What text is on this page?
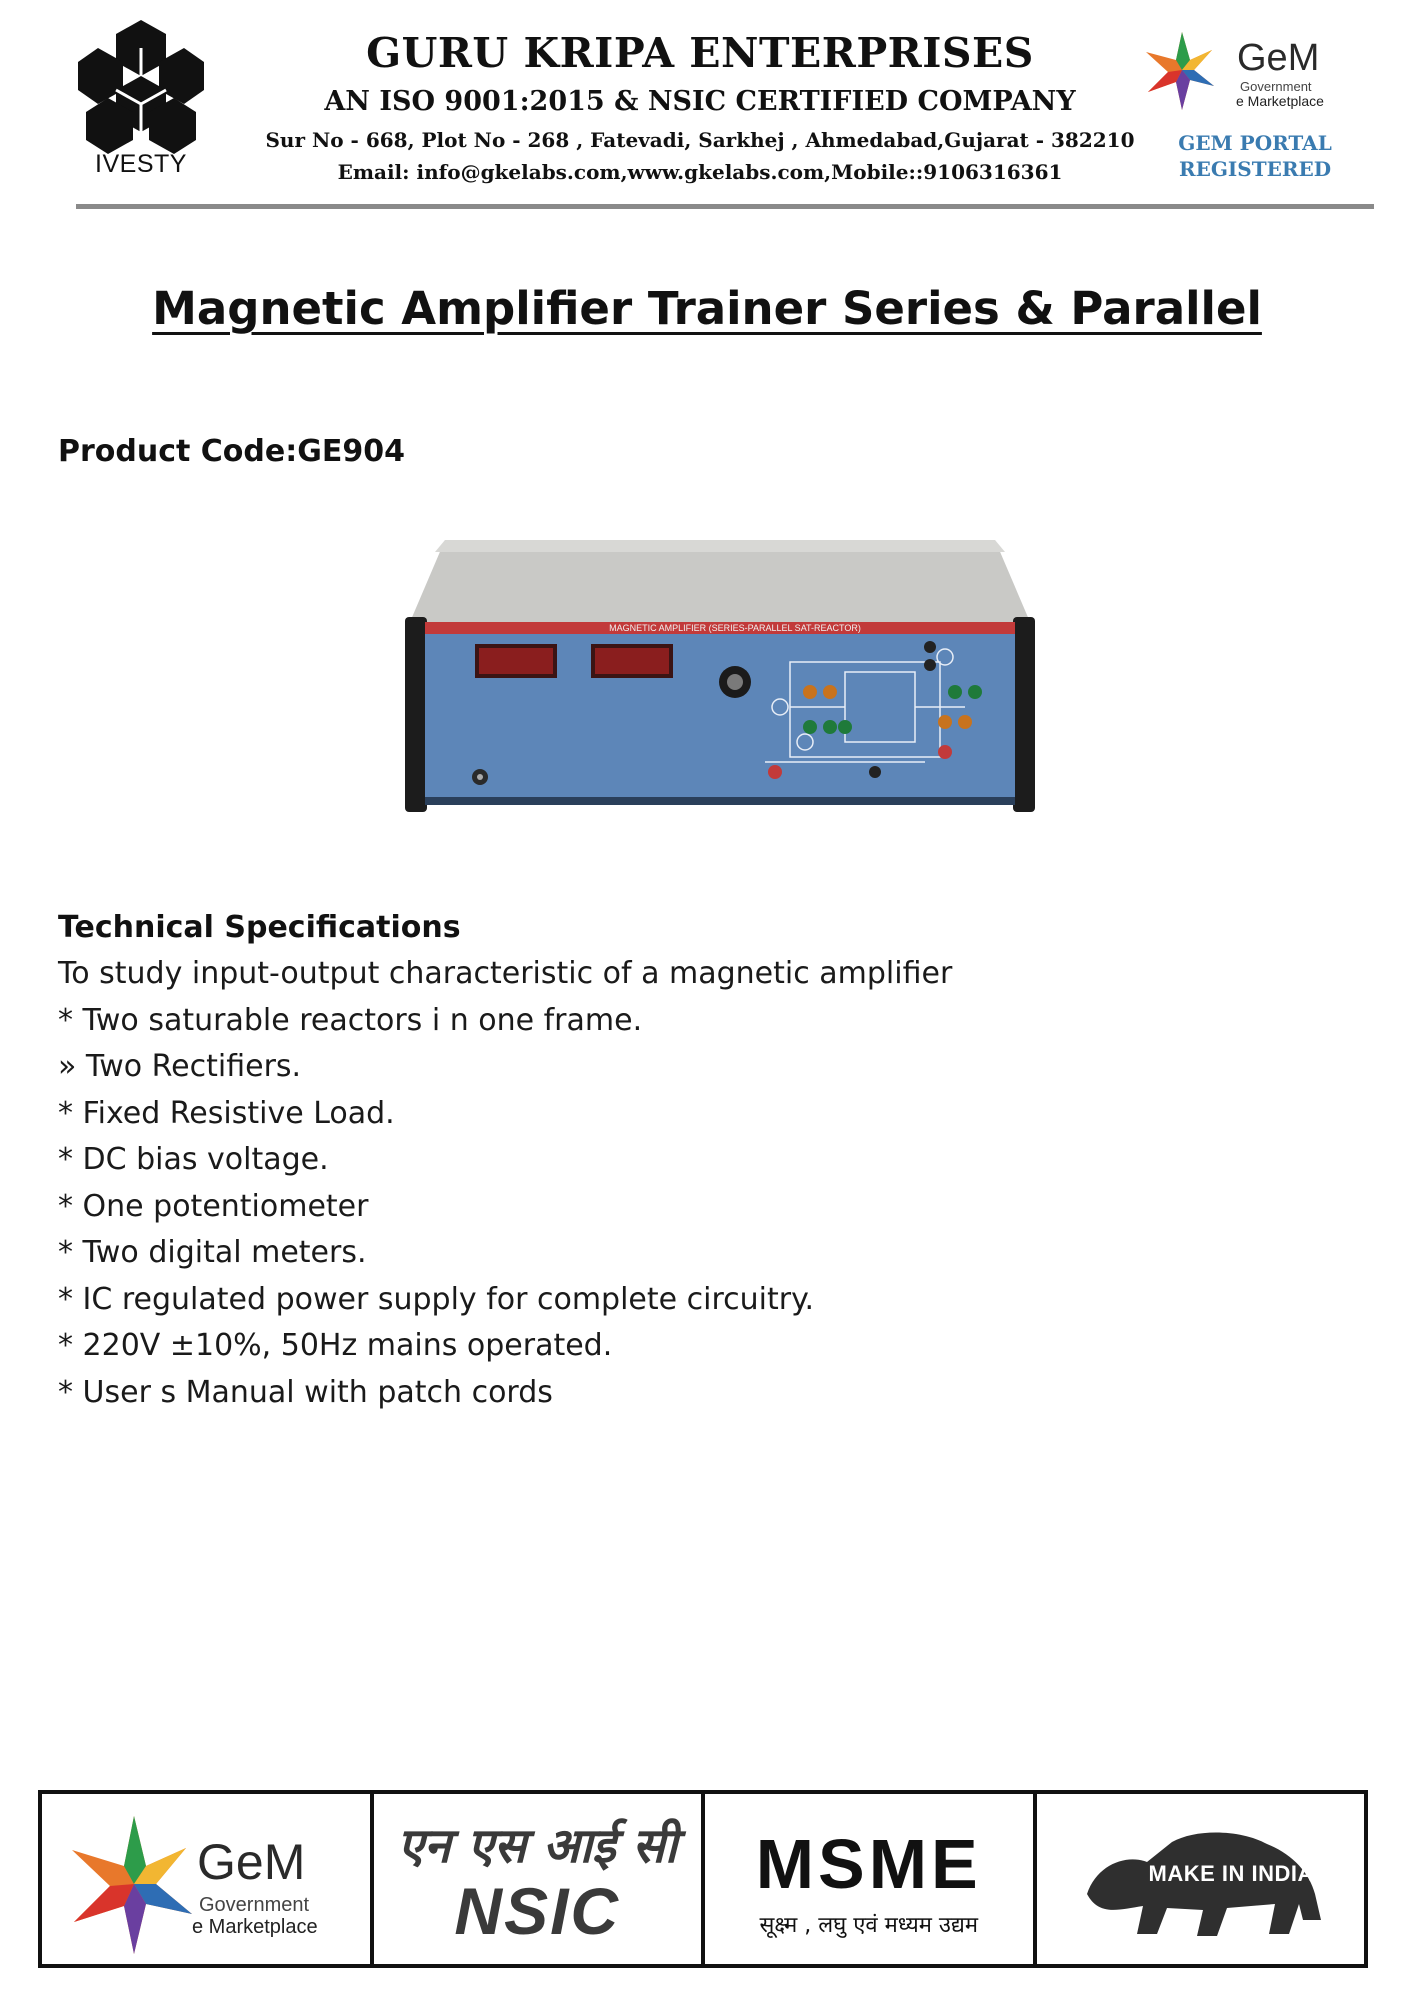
IVESTY
GURU KRIPA ENTERPRISES
AN ISO 9001:2015 & NSIC CERTIFIED COMPANY
Sur No - 668, Plot No - 268 , Fatevadi, Sarkhej , Ahmedabad,Gujarat - 382210
Email: info@gkelabs.com,www.gkelabs.com,Mobile::9106316361
GeM
Government
e Marketplace
GEM PORTAL
REGISTERED
Magnetic Amplifier Trainer Series & Parallel
Product Code:GE904
MAGNETIC AMPLIFIER (SERIES-PARALLEL SAT-REACTOR)
Technical Specifications
To study input-output characteristic of a magnetic amplifier
* Two saturable reactors i n one frame.
» Two Rectifiers.
* Fixed Resistive Load.
* DC bias voltage.
* One potentiometer
* Two digital meters.
* IC regulated power supply for complete circuitry.
* 220V ±10%, 50Hz mains operated.
* User s Manual with patch cords
GeM
Government
e Marketplace
एन एस आई सी
NSIC
MSME
सूक्ष्म , लघु एवं मध्यम उद्यम
MAKE IN INDIA
